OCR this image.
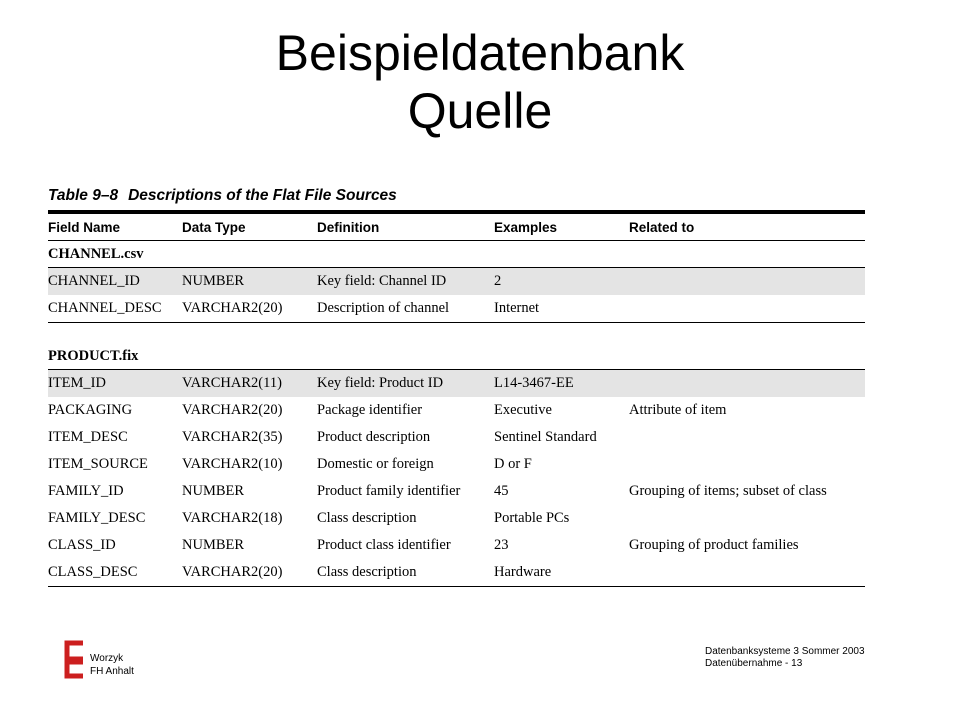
Beispieldatenbank
Quelle
Table 9–8 Descriptions of the Flat File Sources
Field Name	Data Type	Definition	Examples	Related to
CHANNEL.csv				
CHANNEL_ID	NUMBER	Key field: Channel ID	2	
CHANNEL_DESC	VARCHAR2(20)	Description of channel	Internet	

PRODUCT.fix				
ITEM_ID	VARCHAR2(11)	Key field: Product ID	L14-3467-EE	
PACKAGING	VARCHAR2(20)	Package identifier	Executive	Attribute of item
ITEM_DESC	VARCHAR2(35)	Product description	Sentinel Standard	
ITEM_SOURCE	VARCHAR2(10)	Domestic or foreign	D or F	
FAMILY_ID	NUMBER	Product family identifier	45	Grouping of items; subset of class
FAMILY_DESC	VARCHAR2(18)	Class description	Portable PCs	
CLASS_ID	NUMBER	Product class identifier	23	Grouping of product families
CLASS_DESC	VARCHAR2(20)	Class description	Hardware	
Worzyk
FH Anhalt
Datenbanksysteme 3 Sommer 2003
Datenübernahme - 13
